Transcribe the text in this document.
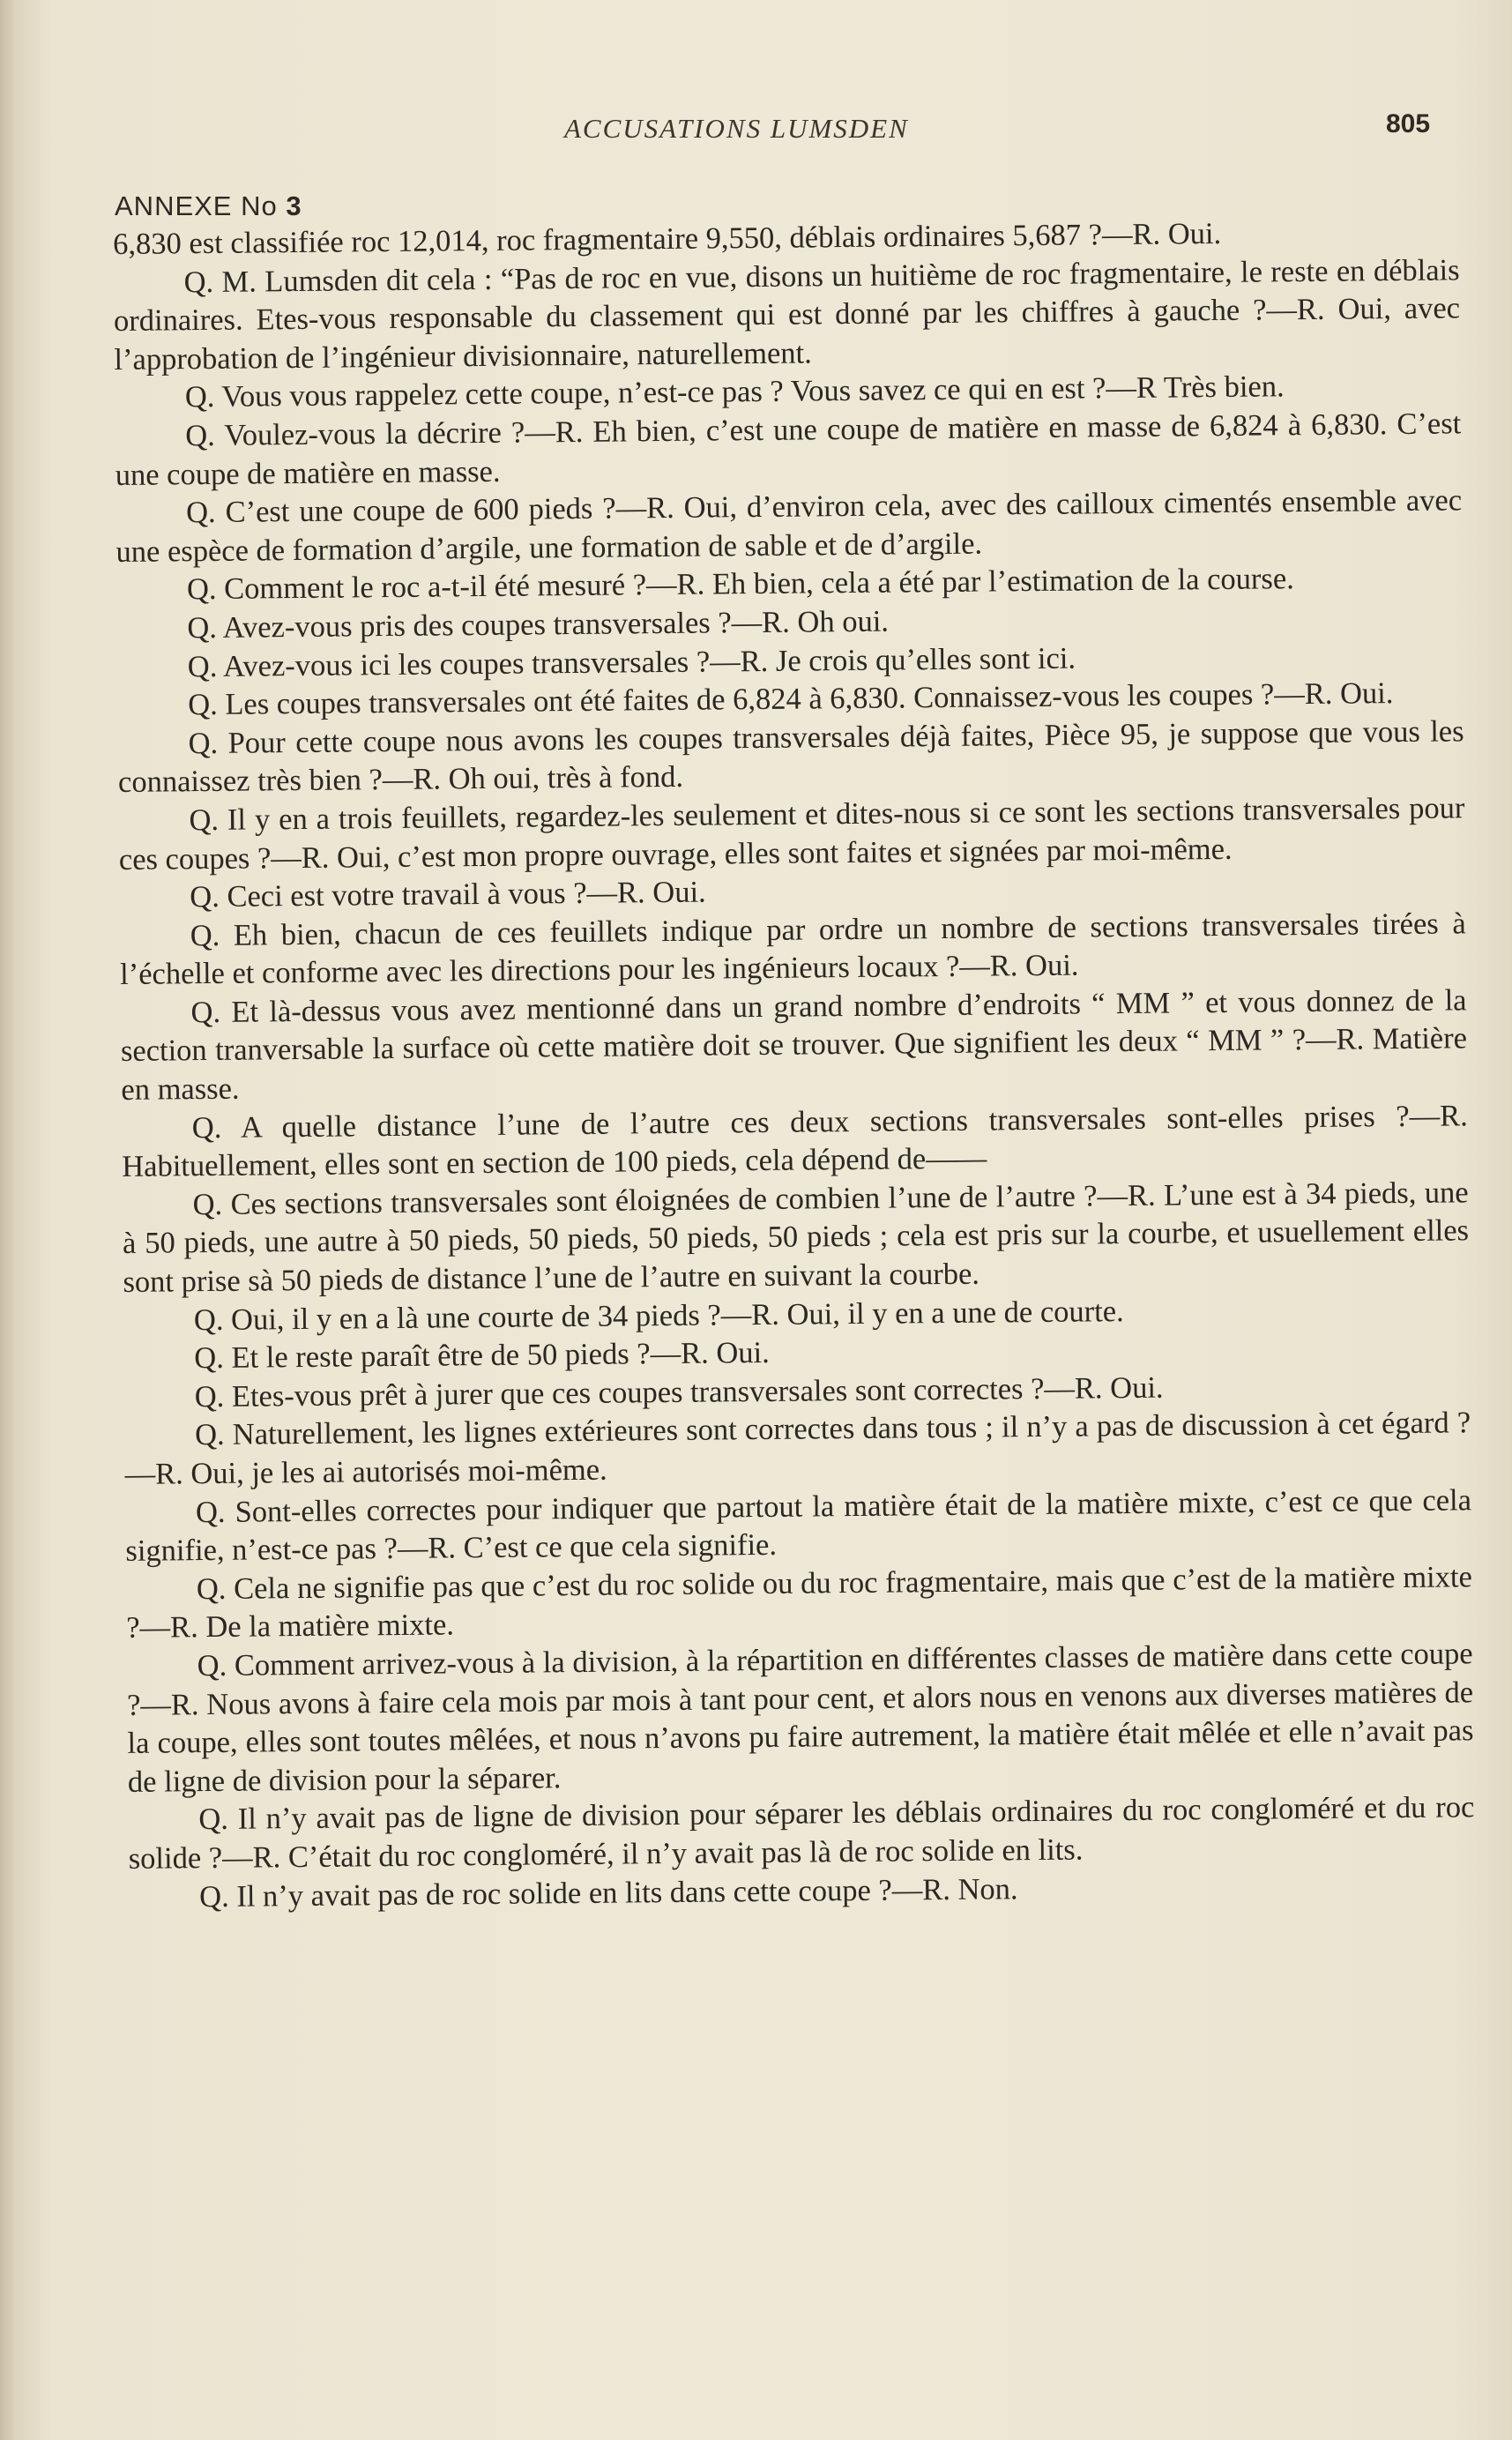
ACCUSATIONS LUMSDEN	805
ANNEXE No 3

6,830 est classifiée roc 12,014, roc fragmentaire 9,550, déblais ordinaires 5,687 ?—R. Oui.

Q. M. Lumsden dit cela : “Pas de roc en vue, disons un huitième de roc fragmentaire, le reste en déblais ordinaires. Etes-vous responsable du classement qui est donné par les chiffres à gauche ?—R. Oui, avec l’approbation de l’ingénieur divisionnaire, naturellement.

Q. Vous vous rappelez cette coupe, n’est-ce pas ? Vous savez ce qui en est ?—R Très bien.

Q. Voulez-vous la décrire ?—R. Eh bien, c’est une coupe de matière en masse de 6,824 à 6,830. C’est une coupe de matière en masse.

Q. C’est une coupe de 600 pieds ?—R. Oui, d’environ cela, avec des cailloux cimentés ensemble avec une espèce de formation d’argile, une formation de sable et de d’argile.

Q. Comment le roc a-t-il été mesuré ?—R. Eh bien, cela a été par l’estimation de la course.

Q. Avez-vous pris des coupes transversales ?—R. Oh oui.

Q. Avez-vous ici les coupes transversales ?—R. Je crois qu’elles sont ici.

Q. Les coupes transversales ont été faites de 6,824 à 6,830. Connaissez-vous les coupes ?—R. Oui.

Q. Pour cette coupe nous avons les coupes transversales déjà faites, Pièce 95, je suppose que vous les connaissez très bien ?—R. Oh oui, très à fond.

Q. Il y en a trois feuillets, regardez-les seulement et dites-nous si ce sont les sections transversales pour ces coupes ?—R. Oui, c’est mon propre ouvrage, elles sont faites et signées par moi-même.

Q. Ceci est votre travail à vous ?—R. Oui.

Q. Eh bien, chacun de ces feuillets indique par ordre un nombre de sections transversales tirées à l’échelle et conforme avec les directions pour les ingénieurs locaux ?—R. Oui.

Q. Et là-dessus vous avez mentionné dans un grand nombre d’endroits “ MM ” et vous donnez de la section tranversable la surface où cette matière doit se trouver. Que signifient les deux “ MM ” ?—R. Matière en masse.

Q. A quelle distance l’une de l’autre ces deux sections transversales sont-elles prises ?—R. Habituellement, elles sont en section de 100 pieds, cela dépend de——

Q. Ces sections transversales sont éloignées de combien l’une de l’autre ?—R. L’une est à 34 pieds, une à 50 pieds, une autre à 50 pieds, 50 pieds, 50 pieds, 50 pieds ; cela est pris sur la courbe, et usuellement elles sont prise sà 50 pieds de distance l’une de l’autre en suivant la courbe.

Q. Oui, il y en a là une courte de 34 pieds ?—R. Oui, il y en a une de courte.

Q. Et le reste paraît être de 50 pieds ?—R. Oui.

Q. Etes-vous prêt à jurer que ces coupes transversales sont correctes ?—R. Oui.

Q. Naturellement, les lignes extérieures sont correctes dans tous ; il n’y a pas de discussion à cet égard ?—R. Oui, je les ai autorisés moi-même.

Q. Sont-elles correctes pour indiquer que partout la matière était de la matière mixte, c’est ce que cela signifie, n’est-ce pas ?—R. C’est ce que cela signifie.

Q. Cela ne signifie pas que c’est du roc solide ou du roc fragmentaire, mais que c’est de la matière mixte ?—R. De la matière mixte.

Q. Comment arrivez-vous à la division, à la répartition en différentes classes de matière dans cette coupe ?—R. Nous avons à faire cela mois par mois à tant pour cent, et alors nous en venons aux diverses matières de la coupe, elles sont toutes mêlées, et nous n’avons pu faire autrement, la matière était mêlée et elle n’avait pas de ligne de division pour la séparer.

Q. Il n’y avait pas de ligne de division pour séparer les déblais ordinaires du roc congloméré et du roc solide ?—R. C’était du roc congloméré, il n’y avait pas là de roc solide en lits.

Q. Il n’y avait pas de roc solide en lits dans cette coupe ?—R. Non.
